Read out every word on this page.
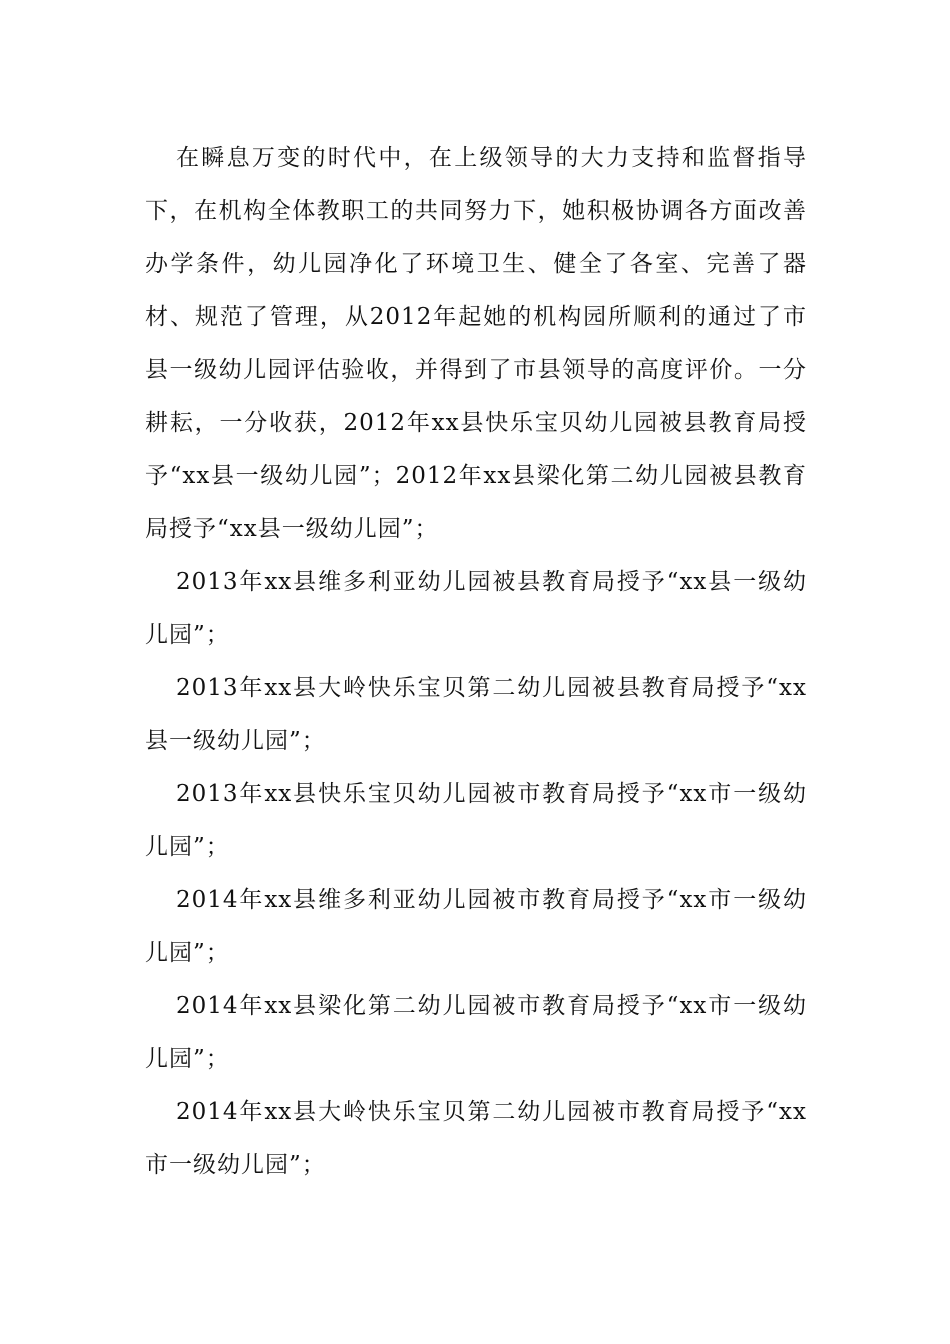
在瞬息万变的时代中，在上级领导的大力支持和监督指导下，在机构全体教职工的共同努力下，她积极协调各方面改善办学条件，幼儿园净化了环境卫生、健全了各室、完善了器材、规范了管理，从2012年起她的机构园所顺利的通过了市县一级幼儿园评估验收，并得到了市县领导的高度评价。一分耕耘，一分收获，2012年xx县快乐宝贝幼儿园被县教育局授予“xx县一级幼儿园”；2012年xx县梁化第二幼儿园被县教育局授予“xx县一级幼儿园”；

2013年xx县维多利亚幼儿园被县教育局授予“xx县一级幼儿园”；

2013年xx县大岭快乐宝贝第二幼儿园被县教育局授予“xx县一级幼儿园”；

2013年xx县快乐宝贝幼儿园被市教育局授予“xx市一级幼儿园”；

2014年xx县维多利亚幼儿园被市教育局授予“xx市一级幼儿园”；

2014年xx县梁化第二幼儿园被市教育局授予“xx市一级幼儿园”；

2014年xx县大岭快乐宝贝第二幼儿园被市教育局授予“xx市一级幼儿园”；
